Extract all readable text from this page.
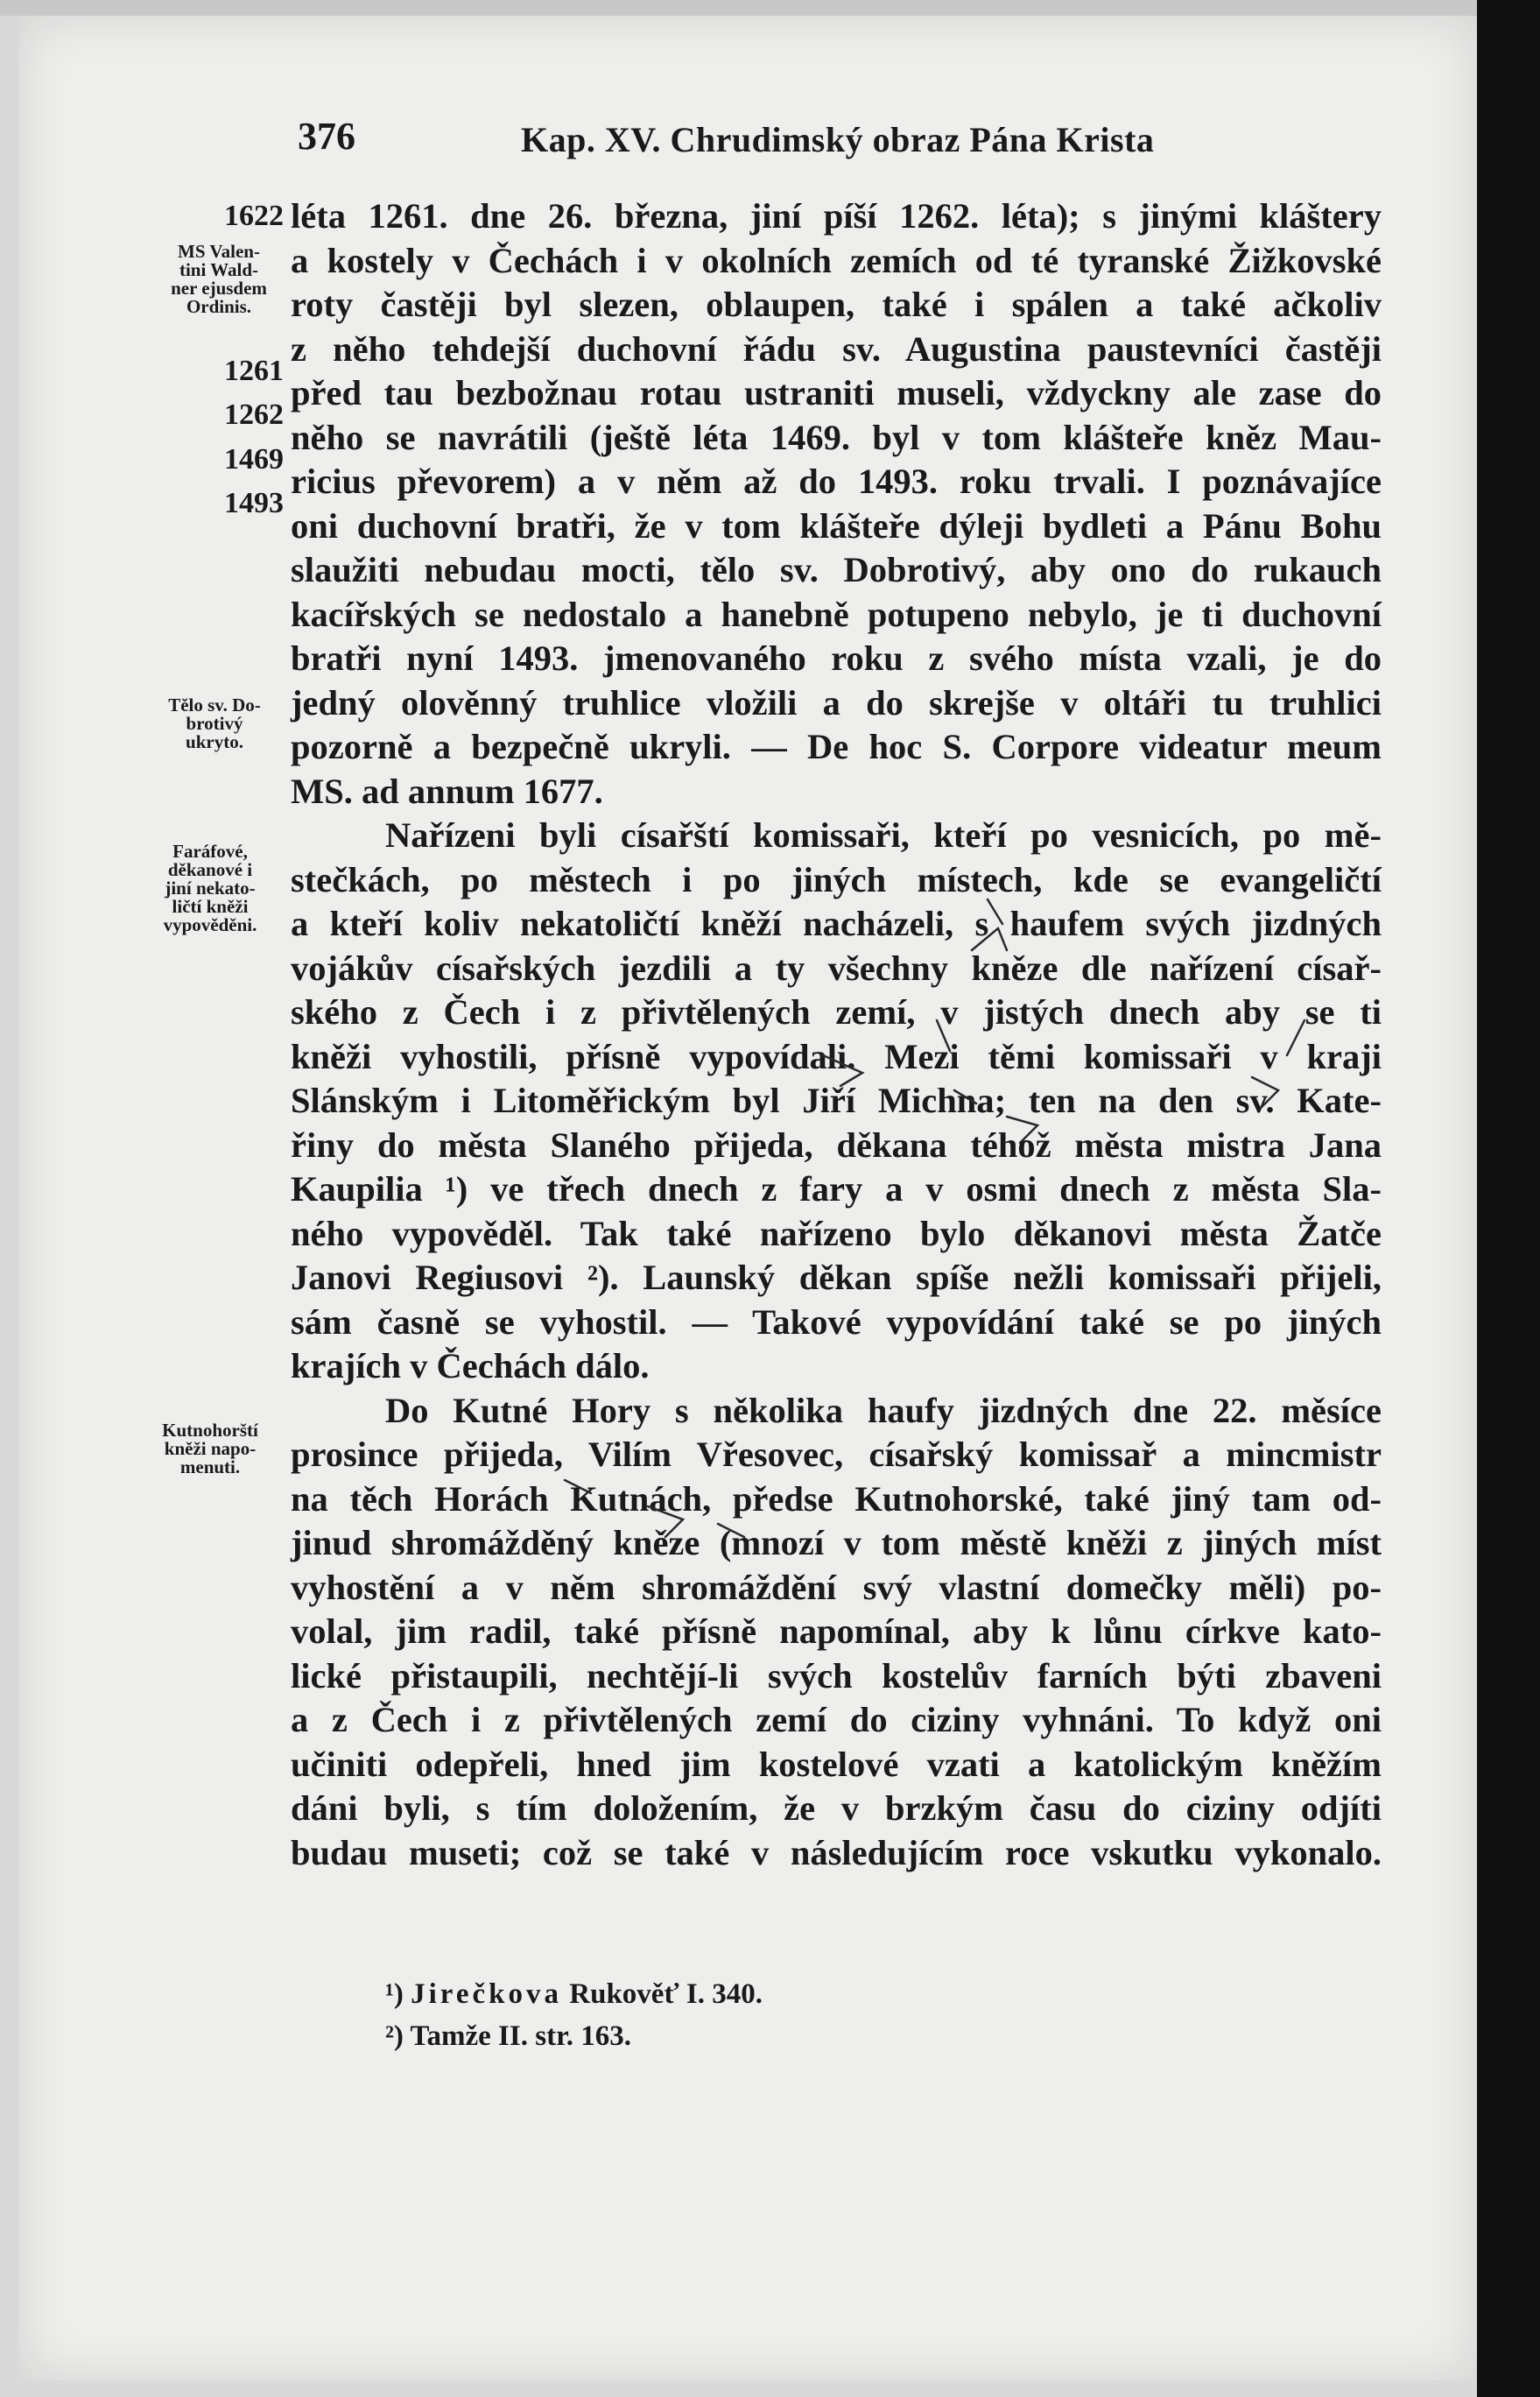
376	Kap. XV. Chrudimský obraz Pána Krista
1622
1261
1262
1469
1493
MS Valen-
tini Wald-
ner ejusdem
Ordinis.
Tělo sv. Do-
brotivý
ukryto.
Faráfové,
děkanové i
jiní nekato-
ličtí kněži
vypověděni.
Kutnohorští
kněži napo-
menuti.
léta 1261. dne 26. března, jiní píší 1262. léta); s jinými kláštery
a kostely v Čechách i v okolních zemích od té tyranské Žižkovské
roty častěji byl slezen, oblaupen, také i spálen a také ačkoliv
z něho tehdejší duchovní řádu sv. Augustina paustevníci častěji
před tau bezbožnau rotau ustraniti museli, vždyckny ale zase do
něho se navrátili (ještě léta 1469. byl v tom klášteře kněz Mau-
ricius převorem) a v něm až do 1493. roku trvali. I poznávajíce
oni duchovní bratři, že v tom klášteře dýleji bydleti a Pánu Bohu
slaužiti nebudau mocti, tělo sv. Dobrotivý, aby ono do rukauch
kacířských se nedostalo a hanebně potupeno nebylo, je ti duchovní
bratři nyní 1493. jmenovaného roku z svého místa vzali, je do
jedný olověnný truhlice vložili a do skrejše v oltáři tu truhlici
pozorně a bezpečně ukryli. — De hoc S. Corpore videatur meum
MS. ad annum 1677.
Nařízeni byli císařští komissaři, kteří po vesnicích, po mě-
stečkách, po městech i po jiných místech, kde se evangeličtí
a kteří koliv nekatoličtí kněží nacházeli, s haufem svých jizdných
vojákův císařských jezdili a ty všechny kněze dle nařízení císař-
ského z Čech i z přivtělených zemí, v jistých dnech aby se ti
kněži vyhostili, přísně vypovídali. Mezi těmi komissaři v kraji
Slánským i Litoměřickým byl Jiří Michna; ten na den sv. Kate-
řiny do města Slaného přijeda, děkana téhož města mistra Jana
Kaupilia ¹) ve třech dnech z fary a v osmi dnech z města Sla-
ného vypověděl. Tak také nařízeno bylo děkanovi města Žatče
Janovi Regiusovi ²). Launský děkan spíše nežli komissaři přijeli,
sám časně se vyhostil. — Takové vypovídání také se po jiných
krajích v Čechách dálo.
Do Kutné Hory s několika haufy jizdných dne 22. měsíce
prosince přijeda, Vilím Vřesovec, císařský komissař a mincmistr
na těch Horách Kutnách, předse Kutnohorské, také jiný tam od-
jinud shromážděný kněze (mnozí v tom městě kněži z jiných míst
vyhostění a v něm shromáždění svý vlastní domečky měli) po-
volal, jim radil, také přísně napomínal, aby k lůnu církve kato-
lické přistaupili, nechtějí-li svých kostelův farních býti zbaveni
a z Čech i z přivtělených zemí do ciziny vyhnáni. To když oni
učiniti odepřeli, hned jim kostelové vzati a katolickým kněžím
dáni byli, s tím doložením, že v brzkým času do ciziny odjíti
budau museti; což se také v následujícím roce vskutku vykonalo.
¹) Jirečkova Rukověť I. 340.
²) Tamže II. str. 163.
